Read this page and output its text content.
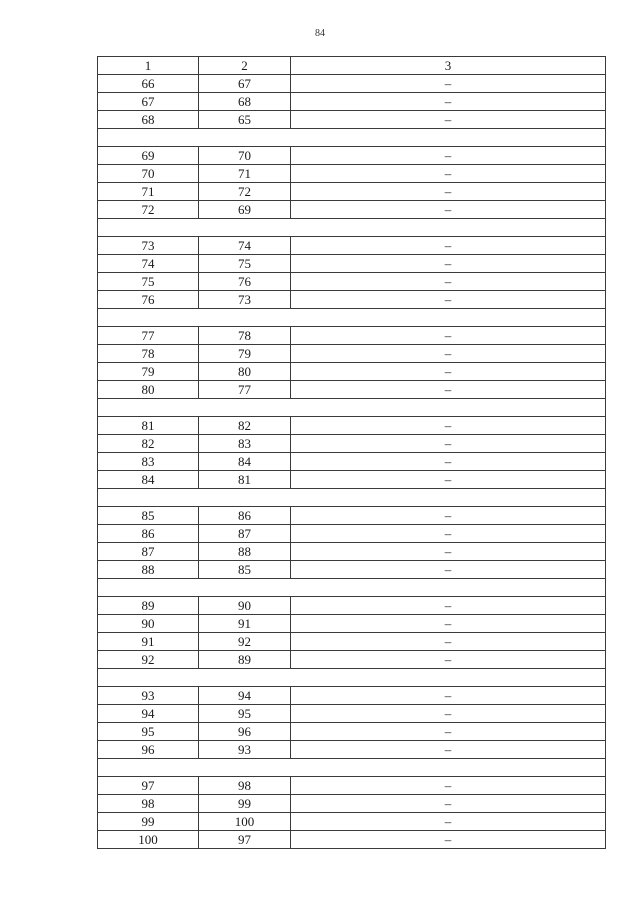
84
1	2	3
66	67	–
67	68	–
68	65	–

69	70	–
70	71	–
71	72	–
72	69	–

73	74	–
74	75	–
75	76	–
76	73	–

77	78	–
78	79	–
79	80	–
80	77	–

81	82	–
82	83	–
83	84	–
84	81	–

85	86	–
86	87	–
87	88	–
88	85	–

89	90	–
90	91	–
91	92	–
92	89	–

93	94	–
94	95	–
95	96	–
96	93	–

97	98	–
98	99	–
99	100	–
100	97	–
